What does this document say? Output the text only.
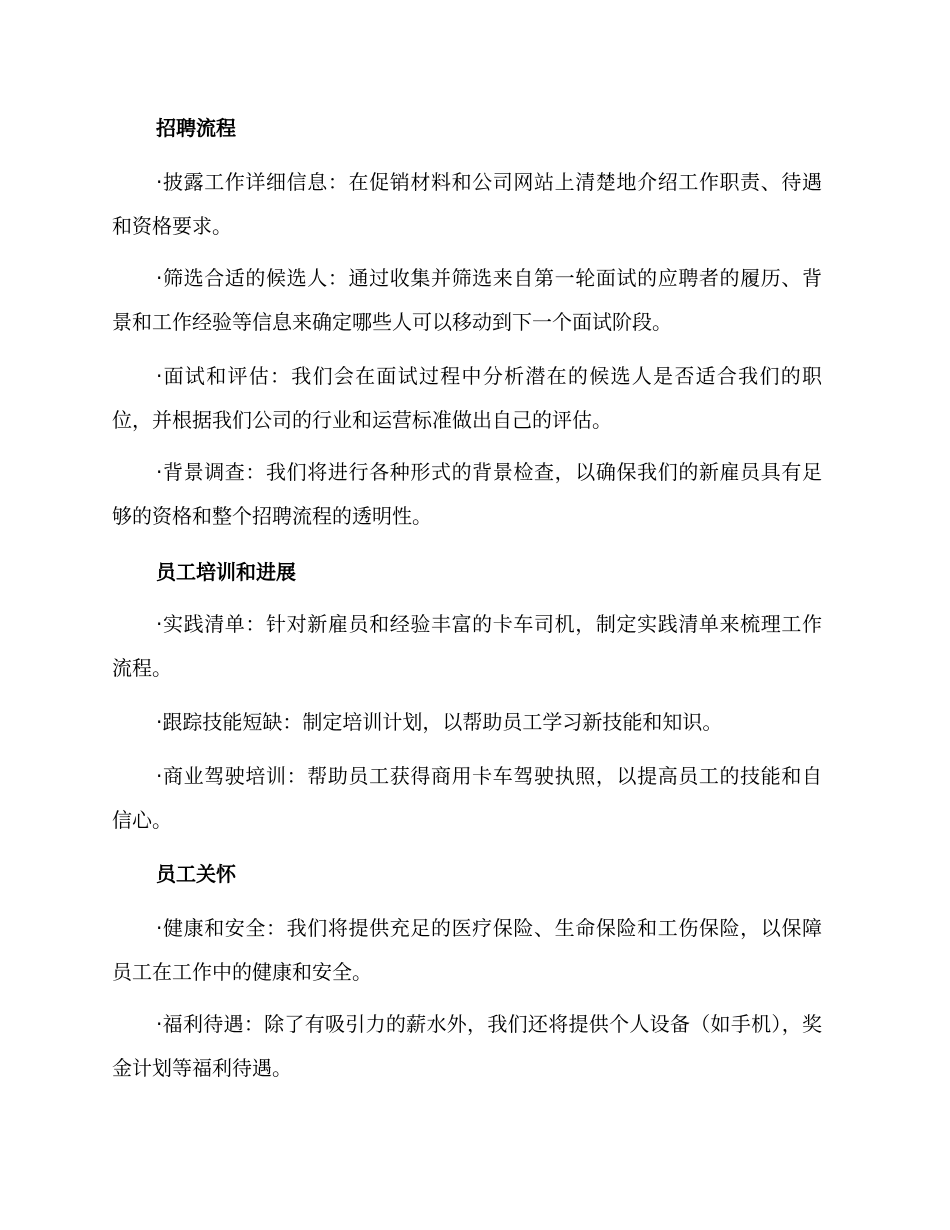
招聘流程
·披露工作详细信息：在促销材料和公司网站上清楚地介绍工作职责、待遇和资格要求。
·筛选合适的候选人：通过收集并筛选来自第一轮面试的应聘者的履历、背景和工作经验等信息来确定哪些人可以移动到下一个面试阶段。
·面试和评估：我们会在面试过程中分析潜在的候选人是否适合我们的职位，并根据我们公司的行业和运营标准做出自己的评估。
·背景调查：我们将进行各种形式的背景检查，以确保我们的新雇员具有足够的资格和整个招聘流程的透明性。
员工培训和进展
·实践清单：针对新雇员和经验丰富的卡车司机，制定实践清单来梳理工作流程。
·跟踪技能短缺：制定培训计划，以帮助员工学习新技能和知识。
·商业驾驶培训：帮助员工获得商用卡车驾驶执照，以提高员工的技能和自信心。
员工关怀
·健康和安全：我们将提供充足的医疗保险、生命保险和工伤保险，以保障员工在工作中的健康和安全。
·福利待遇：除了有吸引力的薪水外，我们还将提供个人设备（如手机），奖金计划等福利待遇。
